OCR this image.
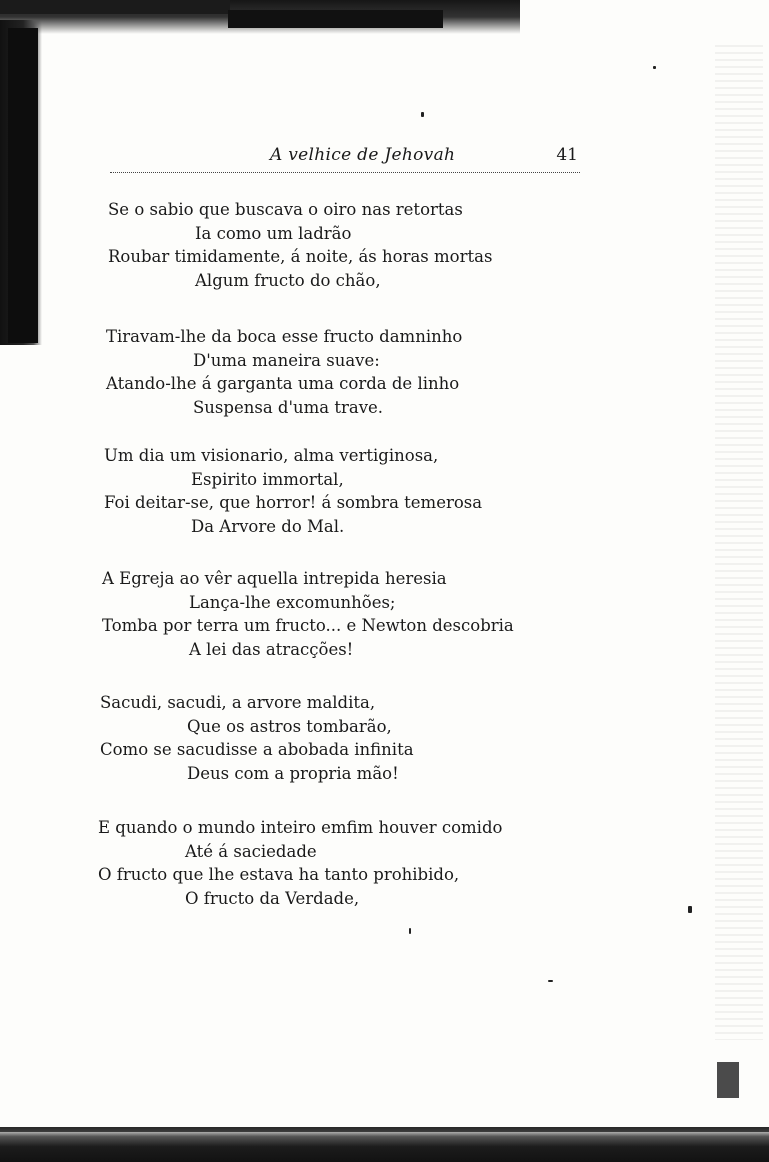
A velhice de Jehovah	41
Se o sabio que buscava o oiro nas retortas
Ia como um ladrão
Roubar timidamente, á noite, ás horas mortas
Algum fructo do chão,
Tiravam-lhe da boca esse fructo damninho
D'uma maneira suave:
Atando-lhe á garganta uma corda de linho
Suspensa d'uma trave.
Um dia um visionario, alma vertiginosa,
Espirito immortal,
Foi deitar-se, que horror! á sombra temerosa
Da Arvore do Mal.
A Egreja ao vêr aquella intrepida heresia
Lança-lhe excomunhões;
Tomba por terra um fructo... e Newton descobria
A lei das atracções!
Sacudi, sacudi, a arvore maldita,
Que os astros tombarão,
Como se sacudisse a abobada infinita
Deus com a propria mão!
E quando o mundo inteiro emfim houver comido
Até á saciedade
O fructo que lhe estava ha tanto prohibido,
O fructo da Verdade,
